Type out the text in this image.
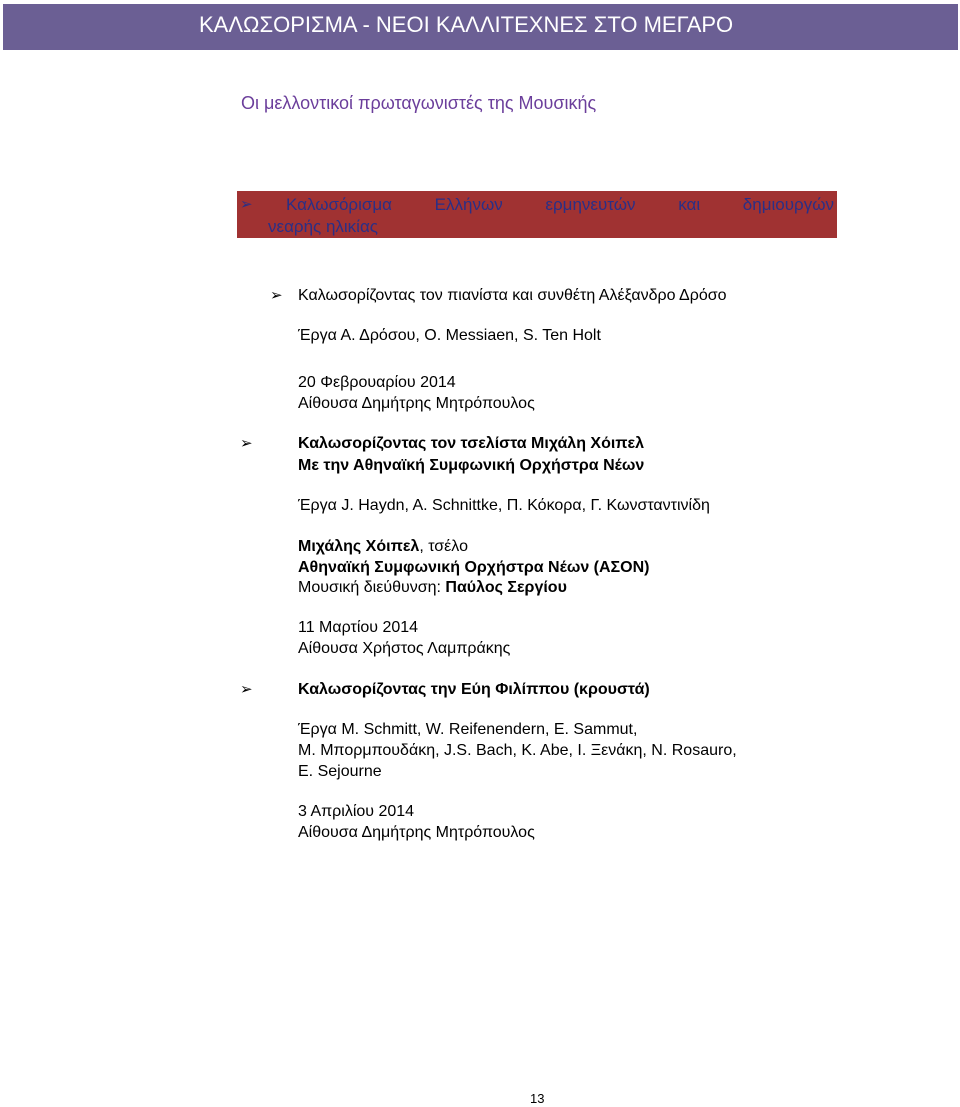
ΚΑΛΩΣΟΡΙΣΜΑ - ΝΕΟΙ ΚΑΛΛΙΤΕΧΝΕΣ ΣΤΟ ΜΕΓΑΡΟ
Οι μελλοντικοί πρωταγωνιστές της Μουσικής
➢ Καλωσόρισμα	Ελλήνων	ερμηνευτών	και	δημιουργών
νεαρής ηλικίας
➢ Καλωσορίζοντας τον πιανίστα και συνθέτη Αλέξανδρο Δρόσο
Έργα Α. Δρόσου, O. Messiaen, S. Ten Holt
20 Φεβρουαρίου 2014
Αίθουσα Δημήτρης Μητρόπουλος
➢	Καλωσορίζοντας τον τσελίστα Μιχάλη Χόιπελ
Με την Αθηναϊκή Συμφωνική Ορχήστρα Νέων
Έργα J. Haydn, A. Schnittke, Π. Κόκορα, Γ. Κωνσταντινίδη
Μιχάλης Χόιπελ, τσέλο
Αθηναϊκή Συμφωνική Ορχήστρα Νέων (ΑΣΟΝ)
Μουσική διεύθυνση: Παύλος Σεργίου
11 Μαρτίου 2014
Αίθουσα Χρήστος Λαμπράκης
➢	Καλωσορίζοντας την Εύη Φιλίππου (κρουστά)
Έργα M. Schmitt, W. Reifenendern, E. Sammut,
Μ. Μπορμπουδάκη, J.S. Bach, K. Abe, Ι. Ξενάκη, N. Rosauro,
E. Sejourne
3 Απριλίου 2014
Αίθουσα Δημήτρης Μητρόπουλος
13
